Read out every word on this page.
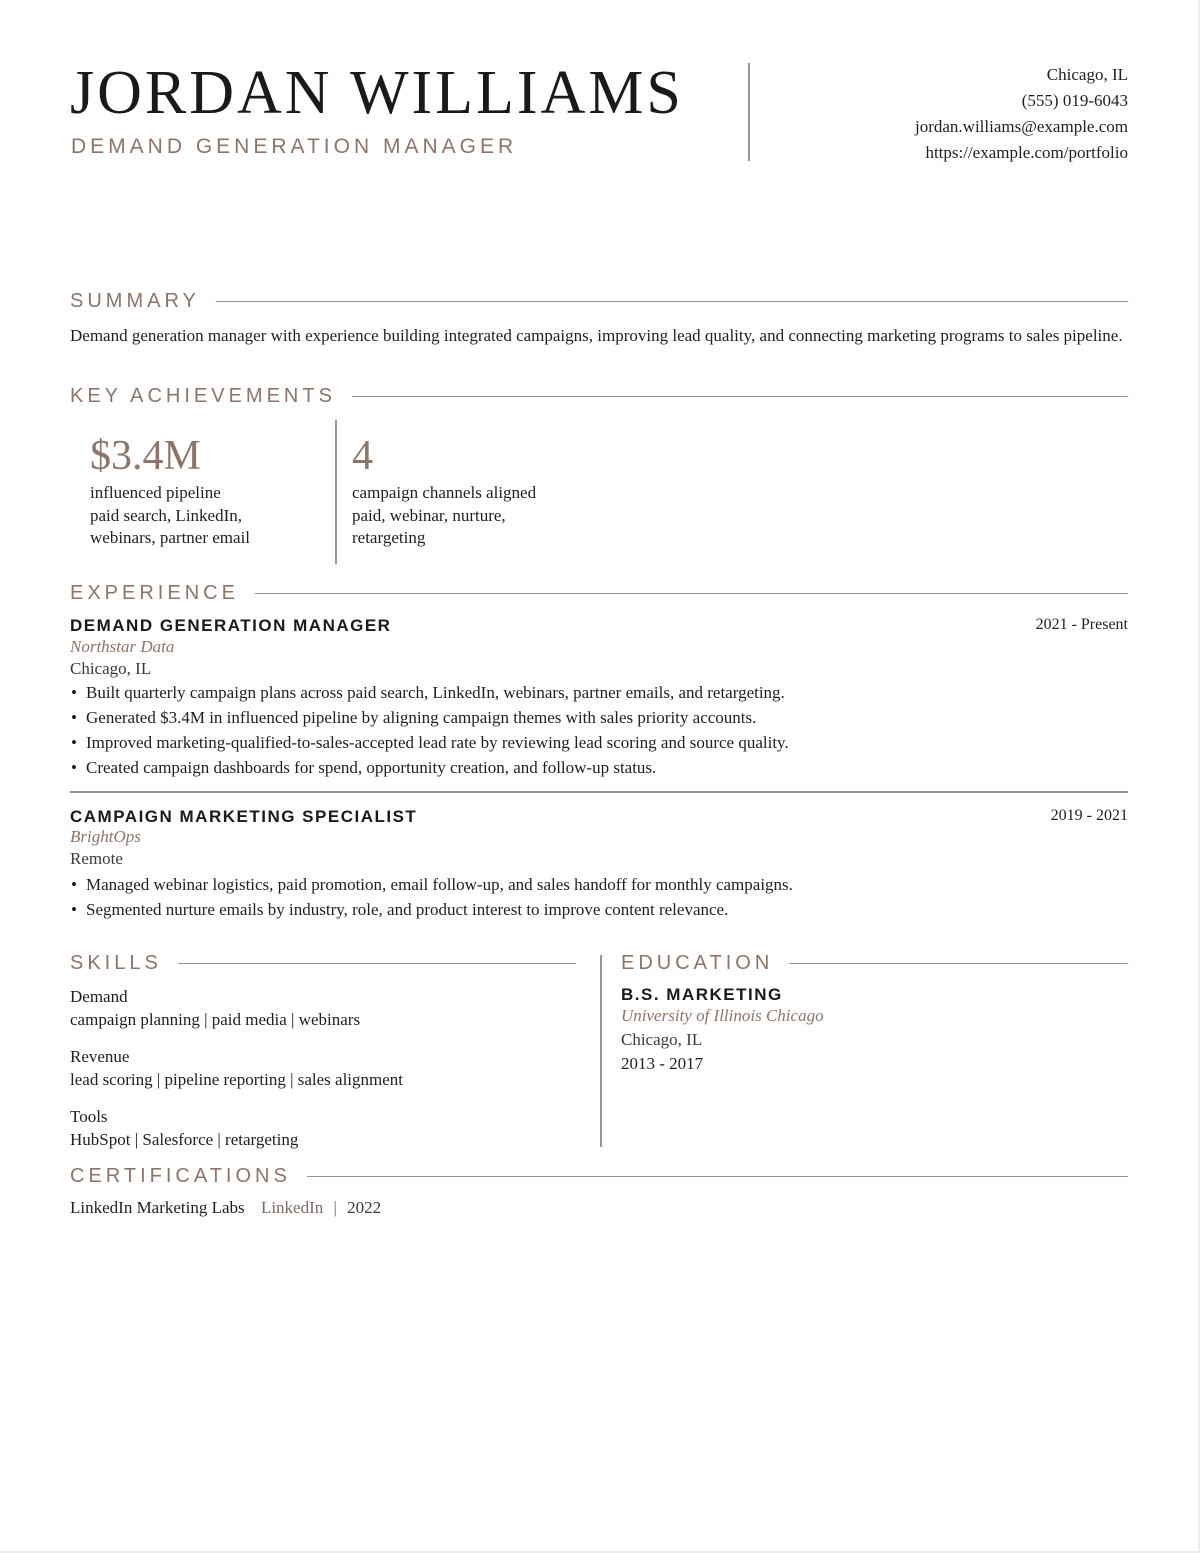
JORDAN WILLIAMS
DEMAND GENERATION MANAGER
Chicago, IL
(555) 019-6043
jordan.williams@example.com
https://example.com/portfolio
SUMMARY
Demand generation manager with experience building integrated campaigns, improving lead quality, and connecting marketing programs to sales pipeline.
KEY ACHIEVEMENTS
$3.4M
influenced pipeline
paid search, LinkedIn,
webinars, partner email
4
campaign channels aligned
paid, webinar, nurture,
retargeting
EXPERIENCE
DEMAND GENERATION MANAGER	2021 - Present
Northstar Data
Chicago, IL
• Built quarterly campaign plans across paid search, LinkedIn, webinars, partner emails, and retargeting.
• Generated $3.4M in influenced pipeline by aligning campaign themes with sales priority accounts.
• Improved marketing-qualified-to-sales-accepted lead rate by reviewing lead scoring and source quality.
• Created campaign dashboards for spend, opportunity creation, and follow-up status.
CAMPAIGN MARKETING SPECIALIST	2019 - 2021
BrightOps
Remote
• Managed webinar logistics, paid promotion, email follow-up, and sales handoff for monthly campaigns.
• Segmented nurture emails by industry, role, and product interest to improve content relevance.
SKILLS
Demand
campaign planning | paid media | webinars
Revenue
lead scoring | pipeline reporting | sales alignment
Tools
HubSpot | Salesforce | retargeting
EDUCATION
B.S. MARKETING
University of Illinois Chicago
Chicago, IL
2013 - 2017
CERTIFICATIONS
LinkedIn Marketing Labs LinkedIn | 2022
